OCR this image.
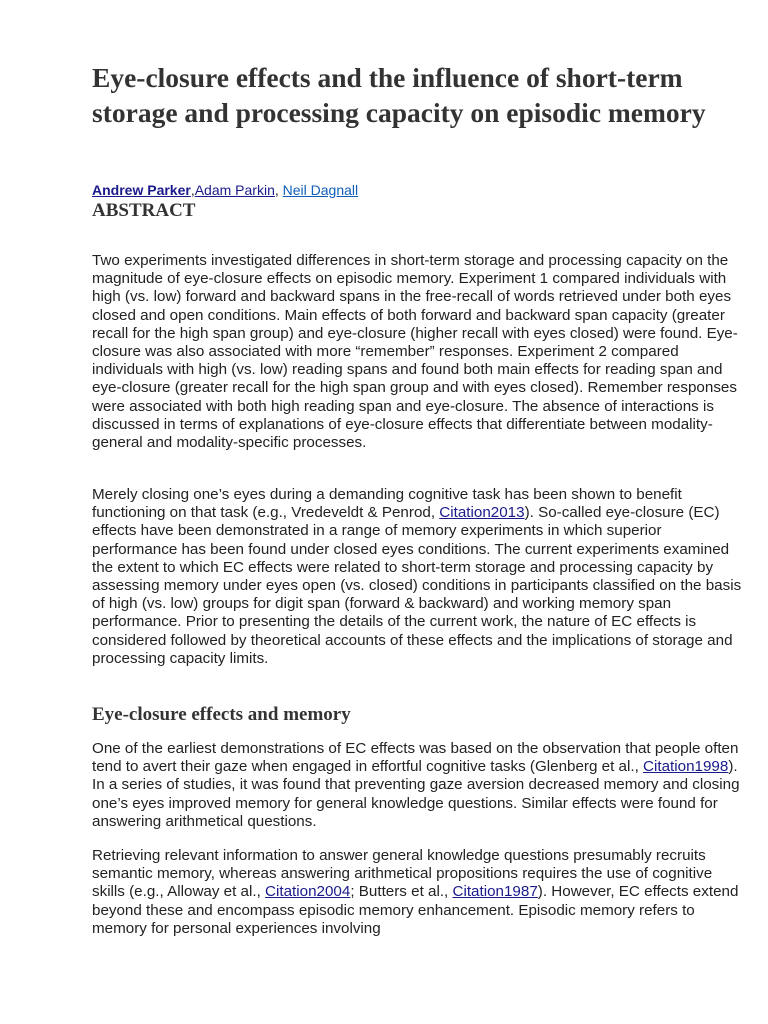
Eye-closure effects and the influence of short-term storage and processing capacity on episodic memory
Andrew Parker,Adam Parkin, Neil Dagnall
ABSTRACT

Two experiments investigated differences in short-term storage and processing capacity on the magnitude of eye-closure effects on episodic memory. Experiment 1 compared individuals with high (vs. low) forward and backward spans in the free-recall of words retrieved under both eyes closed and open conditions. Main effects of both forward and backward span capacity (greater recall for the high span group) and eye-closure (higher recall with eyes closed) were found. Eye-closure was also associated with more “remember” responses. Experiment 2 compared individuals with high (vs. low) reading spans and found both main effects for reading span and eye-closure (greater recall for the high span group and with eyes closed). Remember responses were associated with both high reading span and eye-closure. The absence of interactions is discussed in terms of explanations of eye-closure effects that differentiate between modality-general and modality-specific processes.

Merely closing one’s eyes during a demanding cognitive task has been shown to benefit functioning on that task (e.g., Vredeveldt & Penrod, Citation2013). So-called eye-closure (EC) effects have been demonstrated in a range of memory experiments in which superior performance has been found under closed eyes conditions. The current experiments examined the extent to which EC effects were related to short-term storage and processing capacity by assessing memory under eyes open (vs. closed) conditions in participants classified on the basis of high (vs. low) groups for digit span (forward & backward) and working memory span performance. Prior to presenting the details of the current work, the nature of EC effects is considered followed by theoretical accounts of these effects and the implications of storage and processing capacity limits.

Eye-closure effects and memory

One of the earliest demonstrations of EC effects was based on the observation that people often tend to avert their gaze when engaged in effortful cognitive tasks (Glenberg et al., Citation1998). In a series of studies, it was found that preventing gaze aversion decreased memory and closing one’s eyes improved memory for general knowledge questions. Similar effects were found for answering arithmetical questions.

Retrieving relevant information to answer general knowledge questions presumably recruits semantic memory, whereas answering arithmetical propositions requires the use of cognitive skills (e.g., Alloway et al., Citation2004; Butters et al., Citation1987). However, EC effects extend beyond these and encompass episodic memory enhancement. Episodic memory refers to memory for personal experiences involving
